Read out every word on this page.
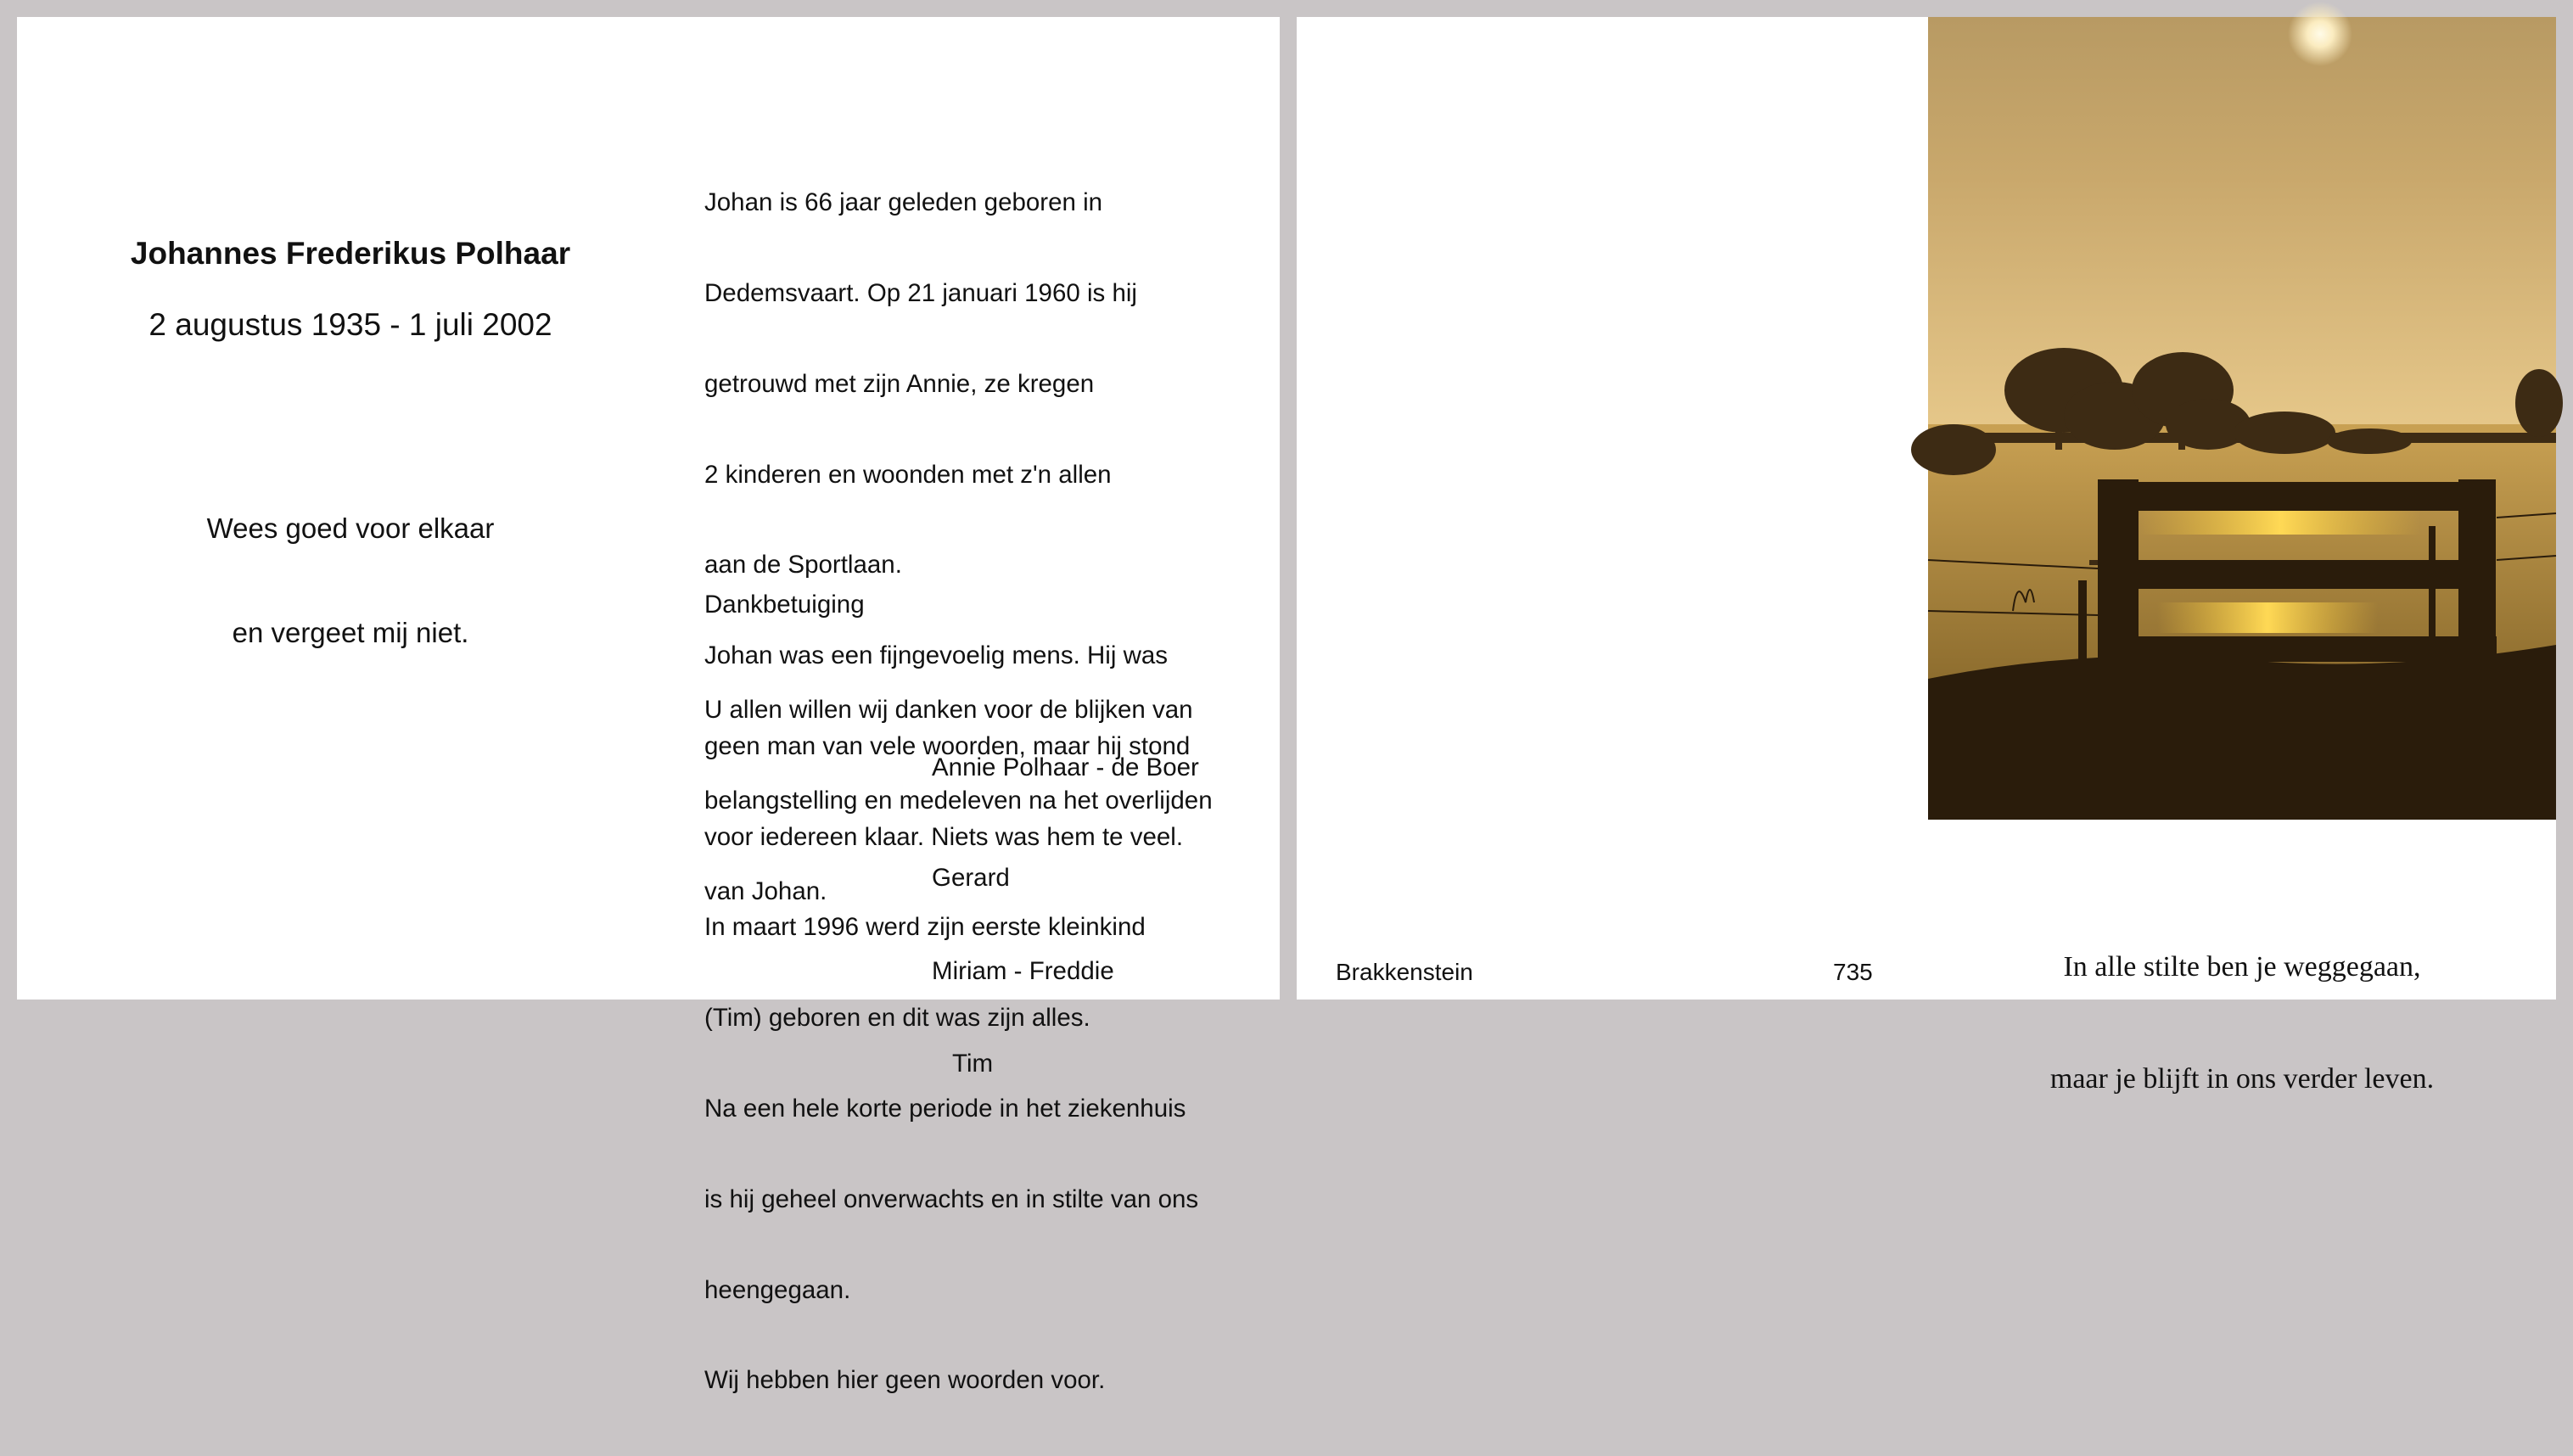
Johannes Frederikus Polhaar
2 augustus 1935 - 1 juli 2002

Wees goed voor elkaar

en vergeet mij niet.

Johan is 66 jaar geleden geboren in

Dedemsvaart. Op 21 januari 1960 is hij

getrouwd met zijn Annie, ze kregen

2 kinderen en woonden met z'n allen

aan de Sportlaan.

Johan was een fijngevoelig mens. Hij was

geen man van vele woorden, maar hij stond

voor iedereen klaar. Niets was hem te veel.

In maart 1996 werd zijn eerste kleinkind

(Tim) geboren en dit was zijn alles.

Na een hele korte periode in het ziekenhuis

is hij geheel onverwachts en in stilte van ons

heengegaan.

Wij hebben hier geen woorden voor.

Dankbetuiging

U allen willen wij danken voor de blijken van

belangstelling en medeleven na het overlijden

van Johan.

Annie Polhaar - de Boer

Gerard

Miriam - Freddie

Tim

In alle stilte ben je weggegaan,

maar je blijft in ons verder leven.

Brakkenstein	735
